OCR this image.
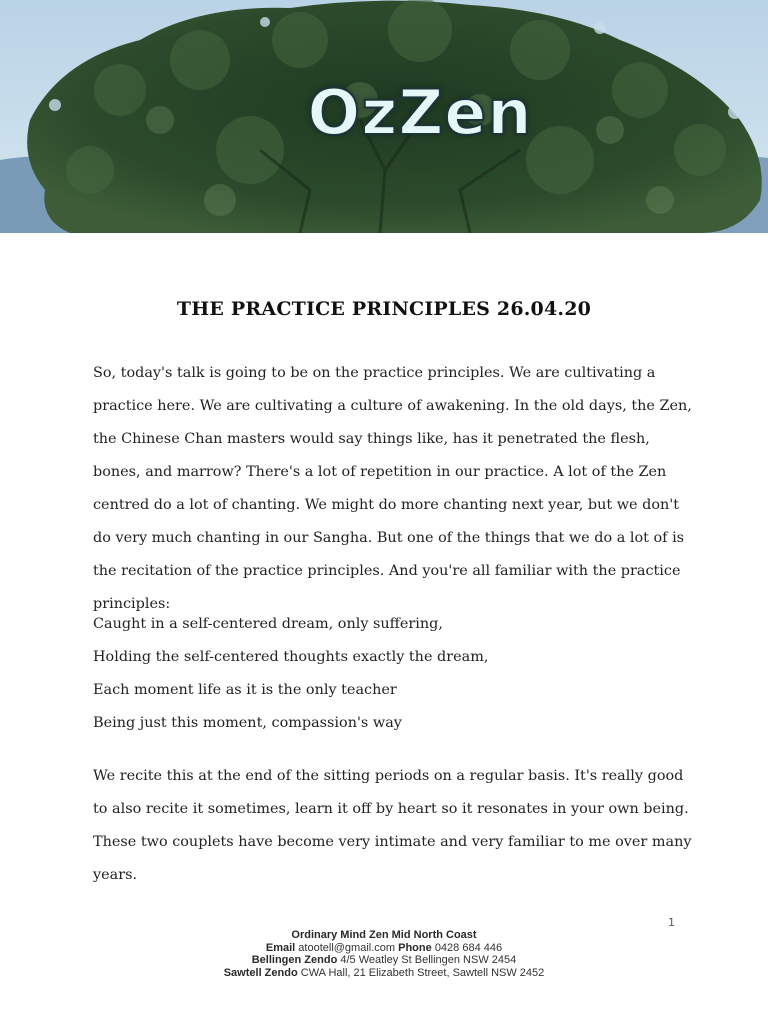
OzZen
THE PRACTICE PRINCIPLES 26.04.20

So, today's talk is going to be on the practice principles. We are cultivating a practice here. We are cultivating a culture of awakening. In the old days, the Zen, the Chinese Chan masters would say things like, has it penetrated the flesh, bones, and marrow? There's a lot of repetition in our practice. A lot of the Zen centred do a lot of chanting. We might do more chanting next year, but we don't do very much chanting in our Sangha. But one of the things that we do a lot of is the recitation of the practice principles. And you're all familiar with the practice principles:

Caught in a self-centered dream, only suffering,
Holding the self-centered thoughts exactly the dream,
Each moment life as it is the only teacher
Being just this moment, compassion's way

We recite this at the end of the sitting periods on a regular basis. It's really good to also recite it sometimes, learn it off by heart so it resonates in your own being. These two couplets have become very intimate and very familiar to me over many years.

1
Ordinary Mind Zen Mid North Coast
Email atootell@gmail.com Phone 0428 684 446
Bellingen Zendo 4/5 Weatley St Bellingen NSW 2454
Sawtell Zendo CWA Hall, 21 Elizabeth Street, Sawtell NSW 2452
